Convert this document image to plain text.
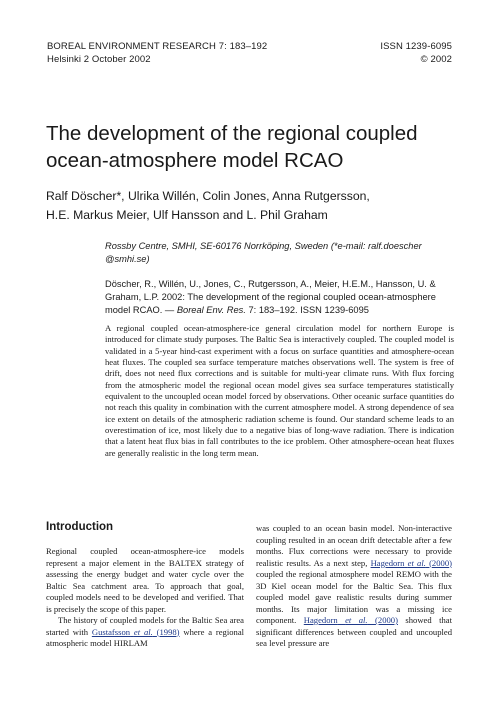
BOREAL ENVIRONMENT RESEARCH 7: 183–192	ISSN 1239-6095
Helsinki 2 October 2002	© 2002
The development of the regional coupled
ocean-atmosphere model RCAO

Ralf Döscher*, Ulrika Willén, Colin Jones, Anna Rutgersson,
H.E. Markus Meier, Ulf Hansson and L. Phil Graham

Rossby Centre, SMHI, SE-60176 Norrköping, Sweden (*e-mail: ralf.doescher @smhi.se)
Döscher, R., Willén, U., Jones, C., Rutgersson, A., Meier, H.E.M., Hansson, U. & Graham, L.P. 2002: The development of the regional coupled ocean-atmosphere model RCAO. — Boreal Env. Res. 7: 183–192. ISSN 1239-6095

A regional coupled ocean-atmosphere-ice general circulation model for northern Europe is introduced for climate study purposes. The Baltic Sea is interactively coupled. The coupled model is validated in a 5-year hind-cast experiment with a focus on surface quantities and atmosphere-ocean heat fluxes. The coupled sea surface temperature matches observations well. The system is free of drift, does not need flux corrections and is suitable for multi-year climate runs. With flux forcing from the atmospheric model the regional ocean model gives sea surface temperatures statistically equivalent to the uncoupled ocean model forced by observations. Other oceanic surface quantities do not reach this quality in combination with the current atmosphere model. A strong dependence of sea ice extent on details of the atmospheric radiation scheme is found. Our standard scheme leads to an overestimation of ice, most likely due to a negative bias of long-wave radiation. There is indication that a latent heat flux bias in fall contributes to the ice problem. Other atmosphere-ocean heat fluxes are generally realistic in the long term mean.

Introduction

Regional coupled ocean-atmosphere-ice models represent a major element in the BALTEX strategy of assessing the energy budget and water cycle over the Baltic Sea catchment area. To approach that goal, coupled models need to be developed and verified. That is precisely the scope of this paper.

The history of coupled models for the Baltic Sea area started with Gustafsson et al. (1998) where a regional atmospheric model HIRLAM

was coupled to an ocean basin model. Non-interactive coupling resulted in an ocean drift detectable after a few months. Flux corrections were necessary to provide realistic results. As a next step, Hagedorn et al. (2000) coupled the regional atmosphere model REMO with the 3D Kiel ocean model for the Baltic Sea. This flux coupled model gave realistic results during summer months. Its major limitation was a missing ice component. Hagedorn et al. (2000) showed that significant differences between coupled and uncoupled sea level pressure are
